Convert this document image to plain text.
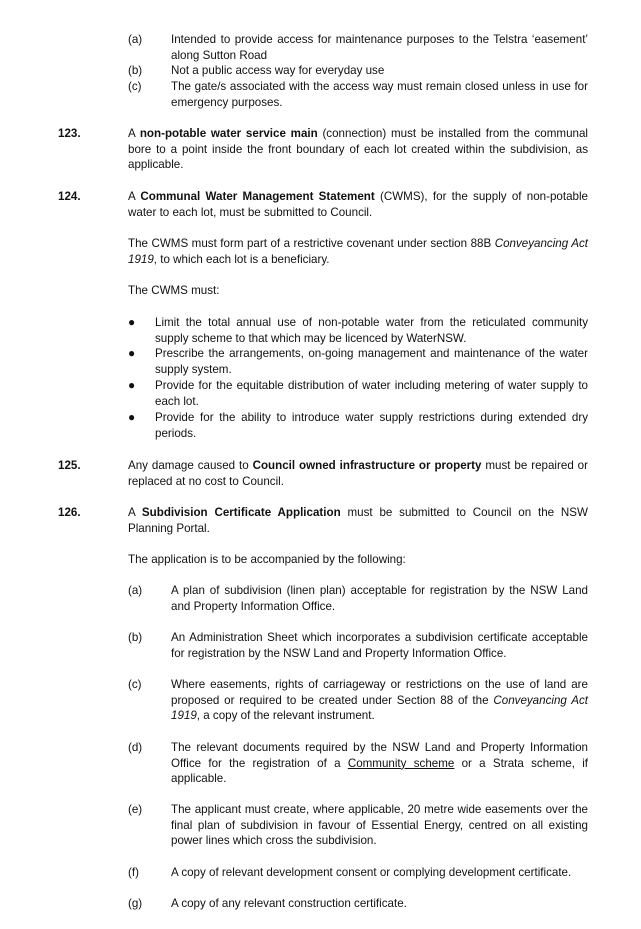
(a) Intended to provide access for maintenance purposes to the Telstra ‘easement’ along Sutton Road
(b) Not a public access way for everyday use
(c)	The gate/s associated with the access way must remain closed unless in use for emergency purposes.
123.	A non-potable water service main (connection) must be installed from the communal bore to a point inside the front boundary of each lot created within the subdivision, as applicable.
124.	A Communal Water Management Statement (CWMS), for the supply of non-potable water to each lot, must be submitted to Council.
The CWMS must form part of a restrictive covenant under section 88B Conveyancing Act 1919, to which each lot is a beneficiary.
The CWMS must:
● Limit the total annual use of non-potable water from the reticulated community supply scheme to that which may be licenced by WaterNSW.
● Prescribe the arrangements, on-going management and maintenance of the water supply system.
● Provide for the equitable distribution of water including metering of water supply to each lot.
● Provide for the ability to introduce water supply restrictions during extended dry periods.
125.	Any damage caused to Council owned infrastructure or property must be repaired or replaced at no cost to Council.
126.	A Subdivision Certificate Application must be submitted to Council on the NSW Planning Portal.
The application is to be accompanied by the following:
(a) A plan of subdivision (linen plan) acceptable for registration by the NSW Land and Property Information Office.
(b) An Administration Sheet which incorporates a subdivision certificate acceptable for registration by the NSW Land and Property Information Office.
(c)	Where easements, rights of carriageway or restrictions on the use of land are proposed or required to be created under Section 88 of the Conveyancing Act 1919, a copy of the relevant instrument.
(d) The relevant documents required by the NSW Land and Property Information Office for the registration of a Community scheme or a Strata scheme, if applicable.
(e) The applicant must create, where applicable, 20 metre wide easements over the final plan of subdivision in favour of Essential Energy, centred on all existing power lines which cross the subdivision.
(f)	A copy of relevant development consent or complying development certificate.
(g) A copy of any relevant construction certificate.
